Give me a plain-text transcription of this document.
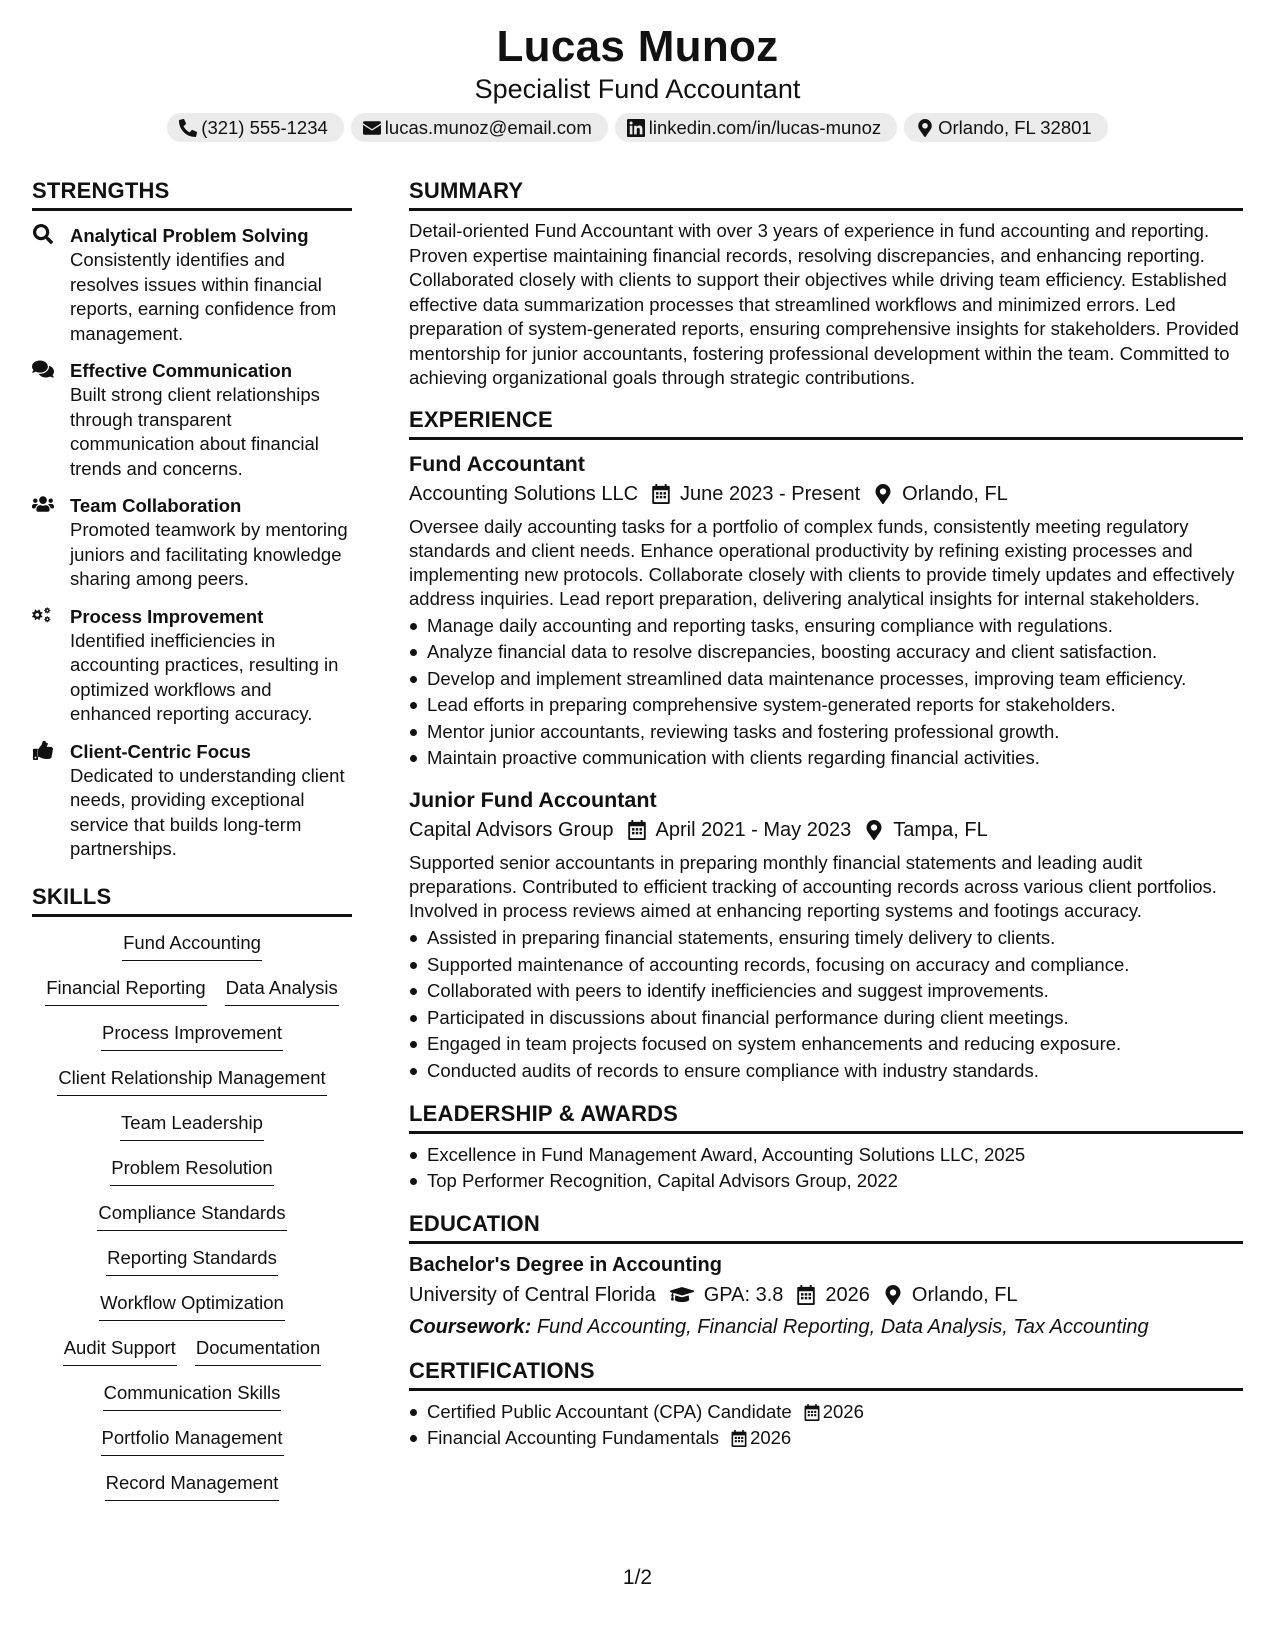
Lucas Munoz
Specialist Fund Accountant
(321) 555-1234	lucas.munoz@email.com	linkedin.com/in/lucas-munoz	Orlando, FL 32801
STRENGTHS
Analytical Problem Solving
Consistently identifies and resolves issues within financial reports, earning confidence from management.
Effective Communication
Built strong client relationships through transparent communication about financial trends and concerns.
Team Collaboration
Promoted teamwork by mentoring juniors and facilitating knowledge sharing among peers.
Process Improvement
Identified inefficiencies in accounting practices, resulting in optimized workflows and enhanced reporting accuracy.
Client-Centric Focus
Dedicated to understanding client needs, providing exceptional service that builds long-term partnerships.
SKILLS
Fund Accounting
Financial Reporting Data Analysis
Process Improvement
Client Relationship Management
Team Leadership
Problem Resolution
Compliance Standards
Reporting Standards
Workflow Optimization
Audit Support Documentation
Communication Skills
Portfolio Management
Record Management
SUMMARY

Detail-oriented Fund Accountant with over 3 years of experience in fund accounting and reporting. Proven expertise maintaining financial records, resolving discrepancies, and enhancing reporting. Collaborated closely with clients to support their objectives while driving team efficiency. Established effective data summarization processes that streamlined workflows and minimized errors. Led preparation of system-generated reports, ensuring comprehensive insights for stakeholders. Provided mentorship for junior accountants, fostering professional development within the team. Committed to achieving organizational goals through strategic contributions.

EXPERIENCE
Fund Accountant
Accounting Solutions LLC June 2023 - Present Orlando, FL

Oversee daily accounting tasks for a portfolio of complex funds, consistently meeting regulatory standards and client needs. Enhance operational productivity by refining existing processes and implementing new protocols. Collaborate closely with clients to provide timely updates and effectively address inquiries. Lead report preparation, delivering analytical insights for internal stakeholders.

Manage daily accounting and reporting tasks, ensuring compliance with regulations.
Analyze financial data to resolve discrepancies, boosting accuracy and client satisfaction.
Develop and implement streamlined data maintenance processes, improving team efficiency.
Lead efforts in preparing comprehensive system-generated reports for stakeholders.
Mentor junior accountants, reviewing tasks and fostering professional growth.
Maintain proactive communication with clients regarding financial activities.
Junior Fund Accountant
Capital Advisors Group April 2021 - May 2023 Tampa, FL

Supported senior accountants in preparing monthly financial statements and leading audit preparations. Contributed to efficient tracking of accounting records across various client portfolios. Involved in process reviews aimed at enhancing reporting systems and footings accuracy.

Assisted in preparing financial statements, ensuring timely delivery to clients.
Supported maintenance of accounting records, focusing on accuracy and compliance.
Collaborated with peers to identify inefficiencies and suggest improvements.
Participated in discussions about financial performance during client meetings.
Engaged in team projects focused on system enhancements and reducing exposure.
Conducted audits of records to ensure compliance with industry standards.
LEADERSHIP & AWARDS
Excellence in Fund Management Award, Accounting Solutions LLC, 2025
Top Performer Recognition, Capital Advisors Group, 2022
EDUCATION
Bachelor's Degree in Accounting
University of Central Florida GPA: 3.8 2026 Orlando, FL
Coursework: Fund Accounting, Financial Reporting, Data Analysis, Tax Accounting
CERTIFICATIONS
Certified Public Accountant (CPA) Candidate 2026
Financial Accounting Fundamentals 2026
1/2
